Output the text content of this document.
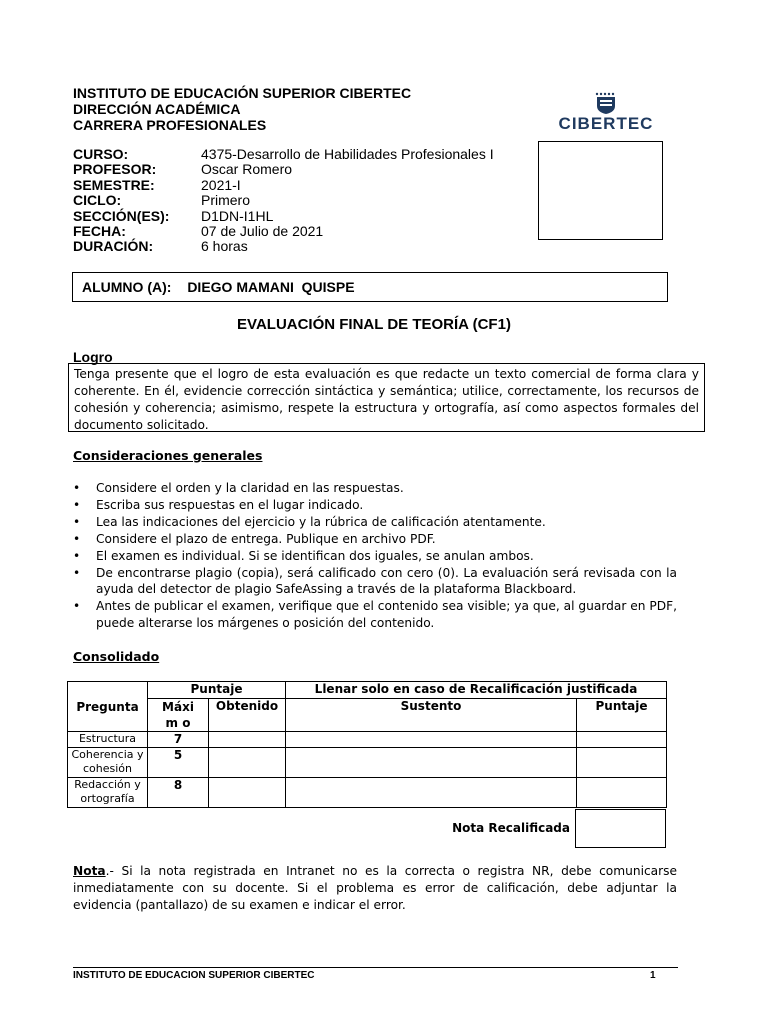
INSTITUTO DE EDUCACIÓN SUPERIOR CIBERTEC
DIRECCIÓN ACADÉMICA
CARRERA PROFESIONALES	CIBERTEC
CURSO:	4375-Desarrollo de Habilidades Profesionales I
PROFESOR:	Oscar Romero
SEMESTRE:	2021-I
CICLO:	Primero
SECCIÓN(ES):	D1DN-I1HL
FECHA:	07 de Julio de 2021
DURACIÓN:	6 horas
ALUMNO (A): DIEGO MAMANI  QUISPE
EVALUACIÓN FINAL DE TEORÍA (CF1)
Logro
Tenga presente que el logro de esta evaluación es que redacte un texto comercial de forma clara y coherente. En él, evidencie corrección sintáctica y semántica; utilice, correctamente, los recursos de cohesión y coherencia; asimismo, respete la estructura y ortografía, así como aspectos formales del documento solicitado.
Consideraciones generales
• Considere el orden y la claridad en las respuestas.
• Escriba sus respuestas en el lugar indicado.
• Lea las indicaciones del ejercicio y la rúbrica de calificación atentamente.
• Considere el plazo de entrega. Publique en archivo PDF.
• El examen es individual. Si se identifican dos iguales, se anulan ambos.
• De encontrarse plagio (copia), será calificado con cero (0). La evaluación será revisada con la ayuda del detector de plagio SafeAssing a través de la plataforma Blackboard.
• Antes de publicar el examen, verifique que el contenido sea visible; ya que, al guardar en PDF, puede alterarse los márgenes o posición del contenido.
Consolidado
Pregunta	Puntaje		Llenar solo en caso de Recalificación justificada	
	Máxim o	Obtenido	Sustento	Puntaje
Estructura	7			
Coherencia y cohesión	5			
Redacción y ortografía	8			
Nota Recalificada
Nota.- Si la nota registrada en Intranet no es la correcta o registra NR, debe comunicarse inmediatamente con su docente. Si el problema es error de calificación, debe adjuntar la evidencia (pantallazo) de su examen e indicar el error.
INSTITUTO DE EDUCACION SUPERIOR CIBERTEC	1
